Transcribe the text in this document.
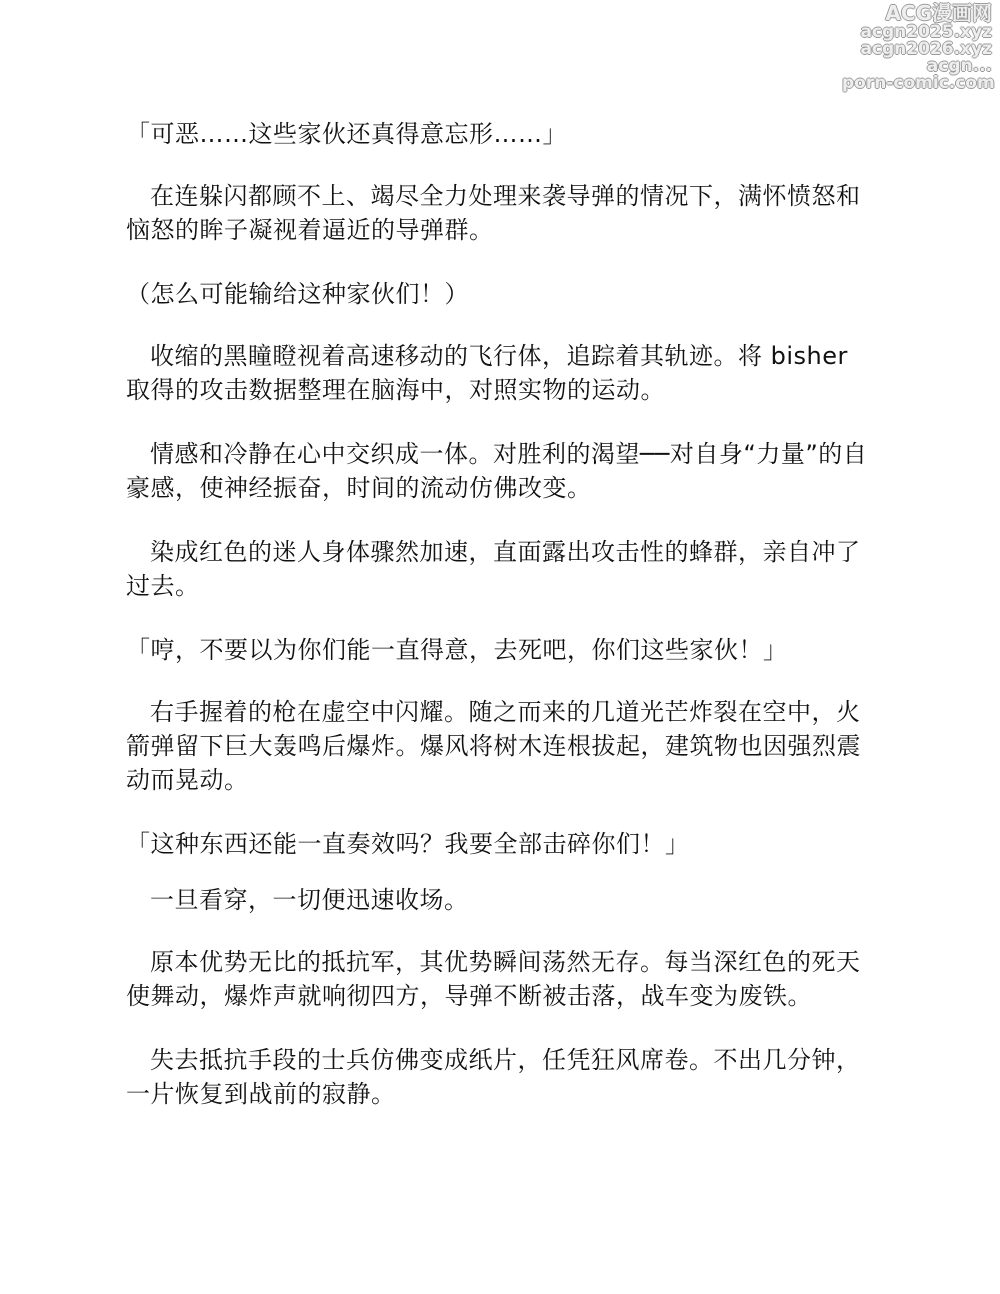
ACG漫画网
acgn2025.xyz
acgn2026.xyz
acgn...
porn-comic.com
「可恶……这些家伙还真得意忘形……」
在连躲闪都顾不上、竭尽全力处理来袭导弹的情况下，满怀愤怒和恼怒的眸子凝视着逼近的导弹群。
（怎么可能输给这种家伙们！）
收缩的黑瞳瞪视着高速移动的飞行体，追踪着其轨迹。将 bisher 取得的攻击数据整理在脑海中，对照实物的运动。
情感和冷静在心中交织成一体。对胜利的渴望──对自身“力量”的自豪感，使神经振奋，时间的流动仿佛改变。
染成红色的迷人身体骤然加速，直面露出攻击性的蜂群，亲自冲了过去。
「哼，不要以为你们能一直得意，去死吧，你们这些家伙！」
右手握着的枪在虚空中闪耀。随之而来的几道光芒炸裂在空中，火箭弹留下巨大轰鸣后爆炸。爆风将树木连根拔起，建筑物也因强烈震动而晃动。
「这种东西还能一直奏效吗？我要全部击碎你们！」
一旦看穿，一切便迅速收场。
原本优势无比的抵抗军，其优势瞬间荡然无存。每当深红色的死天使舞动，爆炸声就响彻四方，导弹不断被击落，战车变为废铁。
失去抵抗手段的士兵仿佛变成纸片，任凭狂风席卷。不出几分钟，一片恢复到战前的寂静。
